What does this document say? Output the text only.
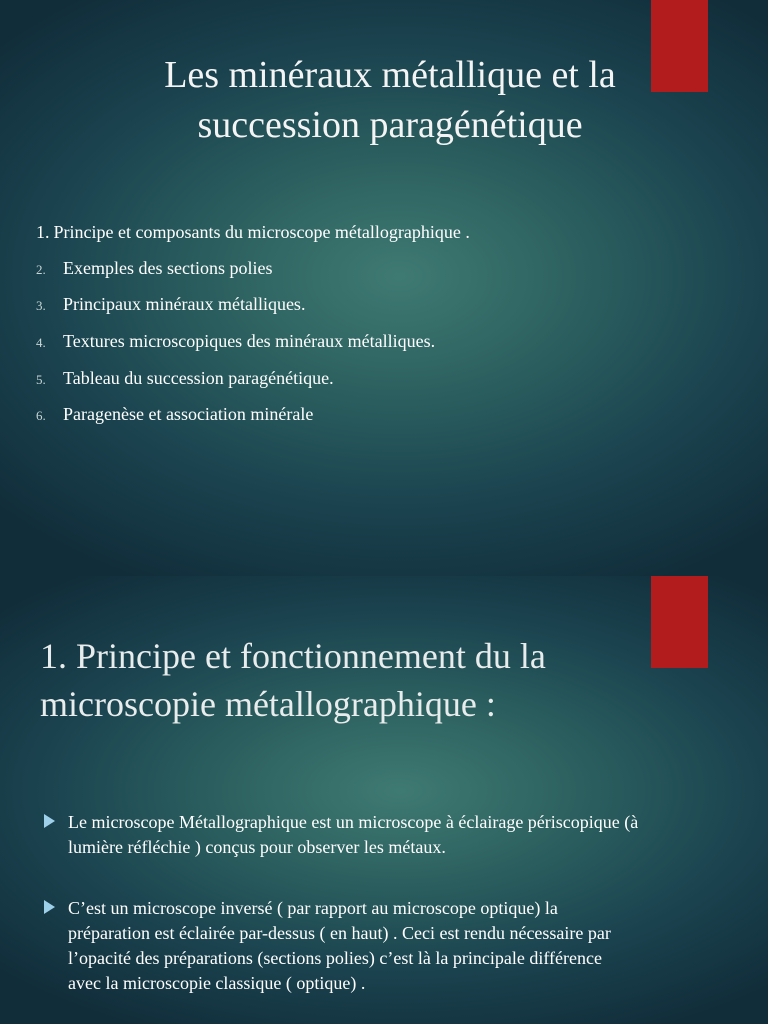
Les minéraux métallique et la
succession paragénétique
1. Principe et composants du microscope métallographique .
2. Exemples des sections polies
3. Principaux minéraux métalliques.
4. Textures microscopiques des minéraux métalliques.
5. Tableau du succession paragénétique.
6. Paragenèse et association minérale
1. Principe et fonctionnement du la
microscopie métallographique :
Le microscope Métallographique est un microscope à éclairage périscopique (à
lumière réfléchie ) conçus pour observer les métaux.
C’est un microscope inversé ( par rapport au microscope optique) la
préparation est éclairée par-dessus ( en haut) . Ceci est rendu nécessaire par
l’opacité des préparations (sections polies) c’est là la principale différence
avec la microscopie classique ( optique) .
